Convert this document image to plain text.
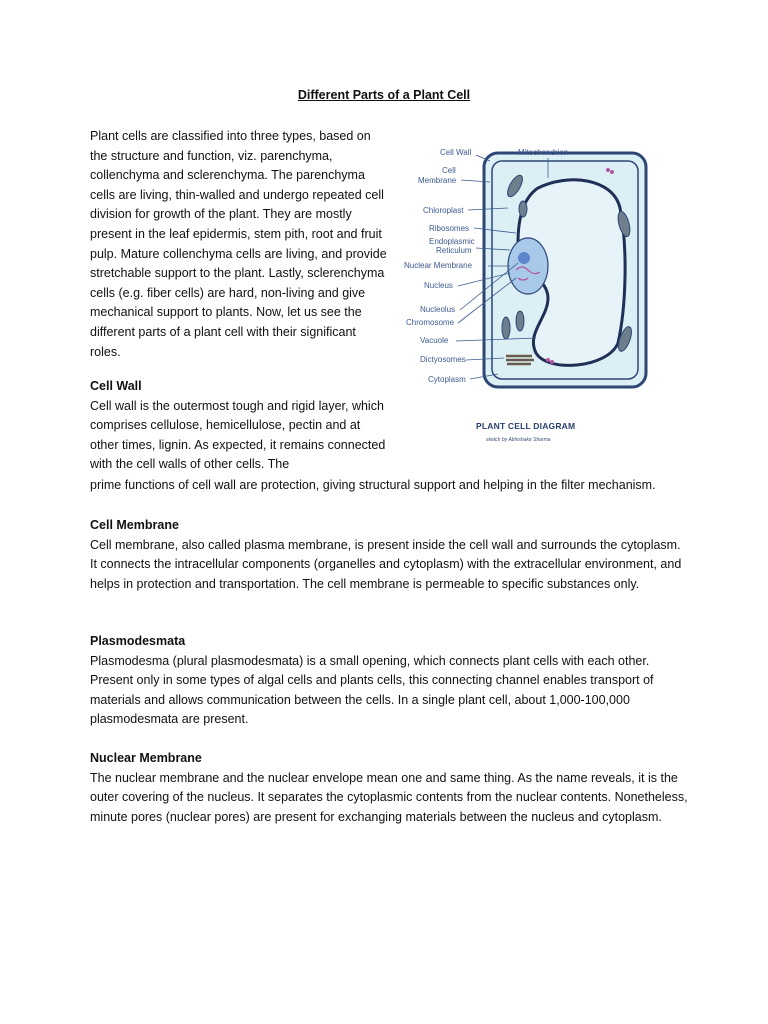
Different Parts of a Plant Cell

Plant cells are classified into three types, based on the structure and function, viz. parenchyma, collenchyma and sclerenchyma. The parenchyma cells are living, thin-walled and undergo repeated cell division for growth of the plant. They are mostly present in the leaf epidermis, stem pith, root and fruit pulp. Mature collenchyma cells are living, and provide stretchable support to the plant. Lastly, sclerenchyma cells (e.g. fiber cells) are hard, non-living and give mechanical support to plants. Now, let us see the different parts of a plant cell with their significant roles.

Cell Wall	Mitochondrion
Cell
Membrane
Chloroplast
Ribosomes
Endoplasmic
Reticulum
Nuclear Membrane
Nucleus
Nucleolus
Chromosome
Vacuole
Dictyosomes
Cytoplasm
PLANT CELL DIAGRAM
sketch by Abhishake Sharma

Cell Wall

Cell wall is the outermost tough and rigid layer, which comprises cellulose, hemicellulose, pectin and at other times, lignin. As expected, it remains connected with the cell walls of other cells. The

prime functions of cell wall are protection, giving structural support and helping in the filter mechanism.

Cell Membrane

Cell membrane, also called plasma membrane, is present inside the cell wall and surrounds the cytoplasm. It connects the intracellular components (organelles and cytoplasm) with the extracellular environment, and helps in protection and transportation. The cell membrane is permeable to specific substances only.

Plasmodesmata

Plasmodesma (plural plasmodesmata) is a small opening, which connects plant cells with each other. Present only in some types of algal cells and plants cells, this connecting channel enables transport of materials and allows communication between the cells. In a single plant cell, about 1,000-100,000 plasmodesmata are present.

Nuclear Membrane

The nuclear membrane and the nuclear envelope mean one and same thing. As the name reveals, it is the outer covering of the nucleus. It separates the cytoplasmic contents from the nuclear contents. Nonetheless, minute pores (nuclear pores) are present for exchanging materials between the nucleus and cytoplasm.
